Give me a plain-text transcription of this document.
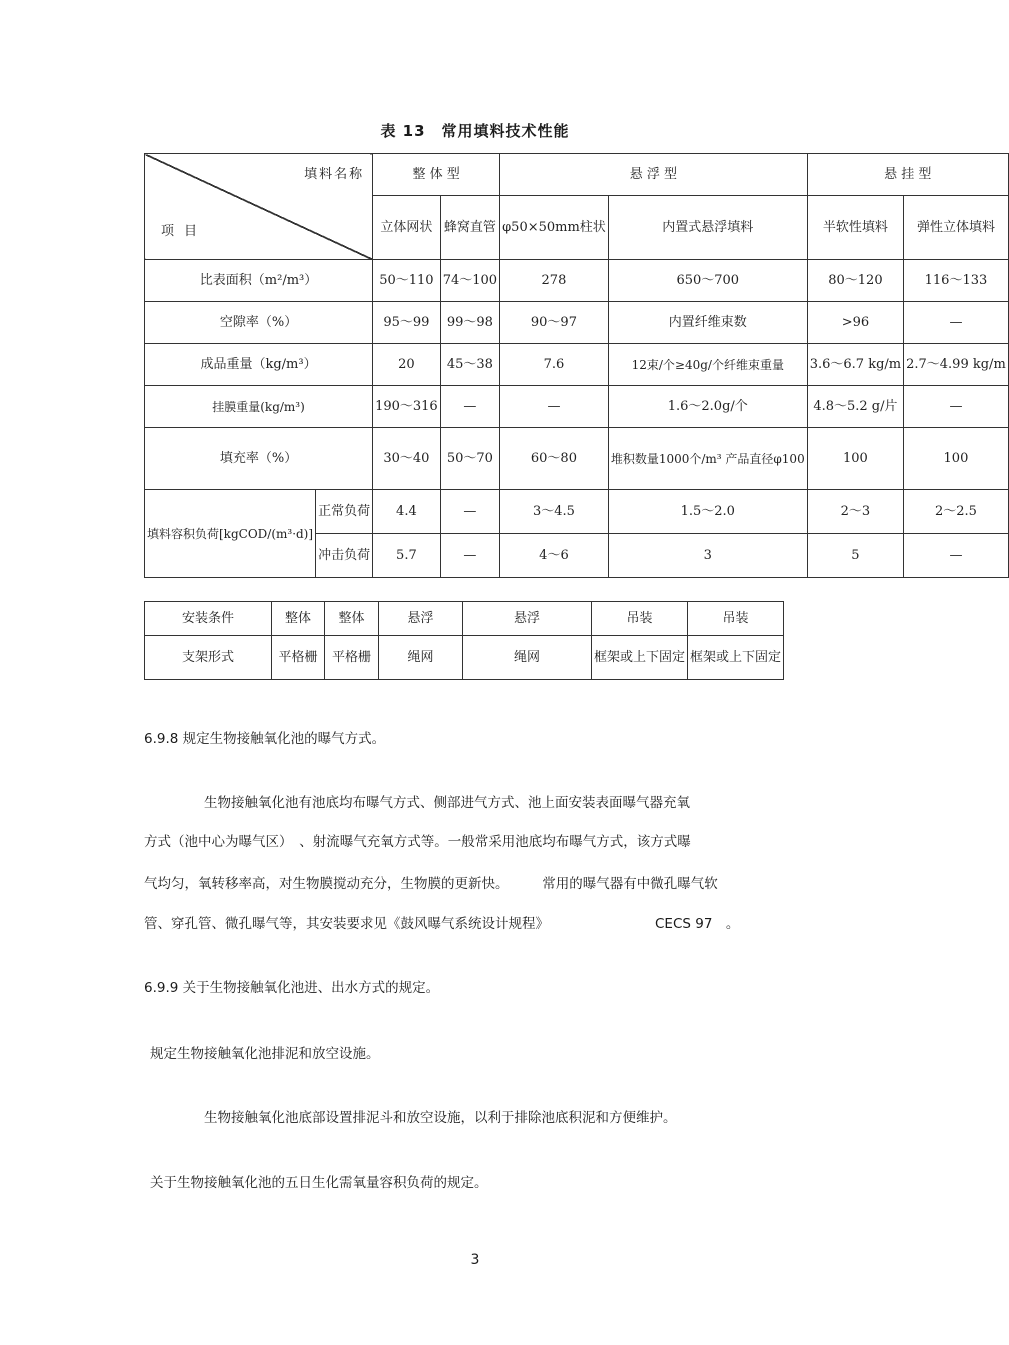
表 13　常用填料技术性能
填料名称
项目		整 体 型		悬 浮 型		悬 挂 型	
		立体网状	蜂窝直管	φ50×50mm柱状	内置式悬浮填料	半软性填料	弹性立体填料
比表面积（m²/m³）		50～110	74～100	278	650～700	80～120	116～133
空隙率（%）		95～99	99～98	90～97	内置纤维束数	>96	—
成品重量（kg/m³）		20	45～38	7.6	12束/个≥40g/个纤维束重量	3.6～6.7 kg/m	2.7～4.99 kg/m
挂膜重量(kg/m³)		190～316	—	—	1.6～2.0g/个	4.8～5.2 g/片	—
填充率（%）		30～40	50～70	60～80	堆积数量1000个/m³ 产品直径φ100	100	100
填料容积负荷[kgCOD/(m³·d)]	正常负荷	4.4	—	3～4.5	1.5～2.0	2～3	2～2.5
	冲击负荷	5.7	—	4～6	3	5	—
安装条件	整体	整体	悬浮	悬浮	吊装	吊装
支架形式	平格栅	平格栅	绳网	绳网	框架或上下固定	框架或上下固定
6.9.8 规定生物接触氧化池的曝气方式。
生物接触氧化池有池底均布曝气方式、侧部进气方式、池上面安装表面曝气器充氧
方式（池中心为曝气区）　、射流曝气充氧方式等。一般常采用池底均布曝气方式，该方式曝
气均匀，氧转移率高，对生物膜搅动充分，生物膜的更新快。　　　常用的曝气器有中微孔曝气软
管、穿孔管、微孔曝气等，其安装要求见《鼓风曝气系统设计规程》	CECS 97　。
6.9.9 关于生物接触氧化池进、出水方式的规定。
规定生物接触氧化池排泥和放空设施。
生物接触氧化池底部设置排泥斗和放空设施，以利于排除池底积泥和方便维护。
关于生物接触氧化池的五日生化需氧量容积负荷的规定。
3
